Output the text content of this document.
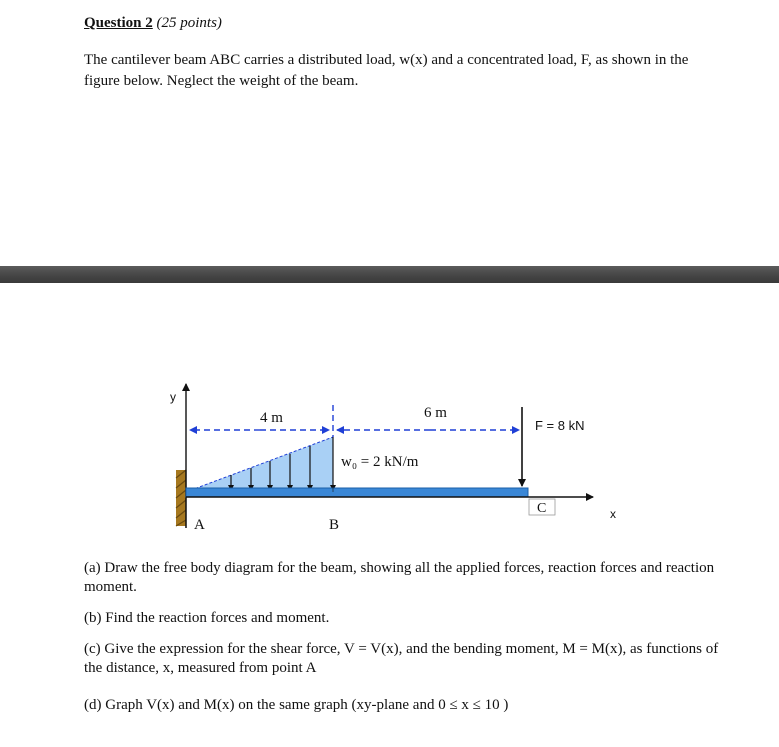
Question 2 (25 points)
The cantilever beam ABC carries a distributed load, w(x) and a concentrated load, F, as shown in the figure below. Neglect the weight of the beam.
y
x
4 m	6 m
w₀ = 2 kN/m
F = 8 kN
A	B
C
(a) Draw the free body diagram for the beam, showing all the applied forces, reaction forces and reaction moment.
(b) Find the reaction forces and moment.
(c) Give the expression for the shear force, V = V(x), and the bending moment, M = M(x), as functions of the distance, x, measured from point A
(d) Graph V(x) and M(x) on the same graph (xy-plane and 0 ≤ x ≤ 10 )
